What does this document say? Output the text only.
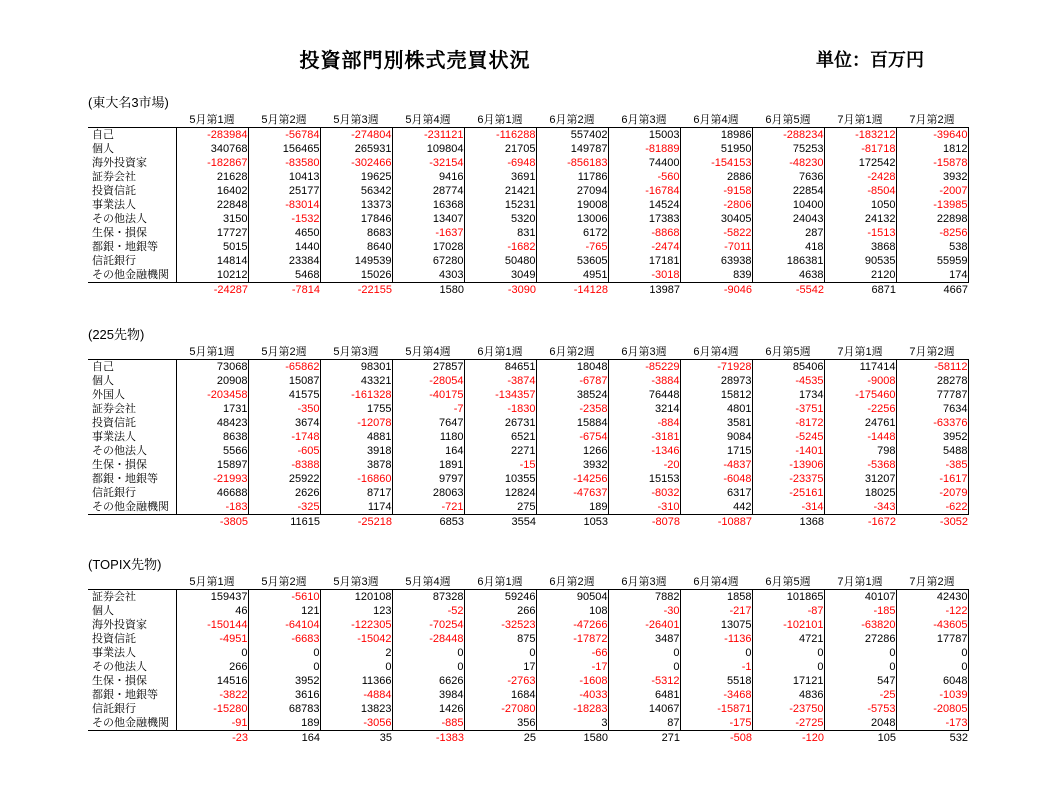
投資部門別株式売買状況	単位：百万円
(東大名3市場)
	5月第1週	5月第2週	5月第3週	5月第4週	6月第1週	6月第2週	6月第3週	6月第4週	6月第5週	7月第1週	7月第2週
自己	-283984	-56784	-274804	-231121	-116288	557402	15003	18986	-288234	-183212	-39640
個人	340768	156465	265931	109804	21705	149787	-81889	51950	75253	-81718	1812
海外投資家	-182867	-83580	-302466	-32154	-6948	-856183	74400	-154153	-48230	172542	-15878
証券会社	21628	10413	19625	9416	3691	11786	-560	2886	7636	-2428	3932
投資信託	16402	25177	56342	28774	21421	27094	-16784	-9158	22854	-8504	-2007
事業法人	22848	-83014	13373	16368	15231	19008	14524	-2806	10400	1050	-13985
その他法人	3150	-1532	17846	13407	5320	13006	17383	30405	24043	24132	22898
生保・損保	17727	4650	8683	-1637	831	6172	-8868	-5822	287	-1513	-8256
都銀・地銀等	5015	1440	8640	17028	-1682	-765	-2474	-7011	418	3868	538
信託銀行	14814	23384	149539	67280	50480	53605	17181	63938	186381	90535	55959
その他金融機関	10212	5468	15026	4303	3049	4951	-3018	839	4638	2120	174
	-24287	-7814	-22155	1580	-3090	-14128	13987	-9046	-5542	6871	4667
(225先物)
	5月第1週	5月第2週	5月第3週	5月第4週	6月第1週	6月第2週	6月第3週	6月第4週	6月第5週	7月第1週	7月第2週
自己	73068	-65862	98301	27857	84651	18048	-85229	-71928	85406	117414	-58112
個人	20908	15087	43321	-28054	-3874	-6787	-3884	28973	-4535	-9008	28278
外国人	-203458	41575	-161328	-40175	-134357	38524	76448	15812	1734	-175460	77787
証券会社	1731	-350	1755	-7	-1830	-2358	3214	4801	-3751	-2256	7634
投資信託	48423	3674	-12078	7647	26731	15884	-884	3581	-8172	24761	-63376
事業法人	8638	-1748	4881	1180	6521	-6754	-3181	9084	-5245	-1448	3952
その他法人	5566	-605	3918	164	2271	1266	-1346	1715	-1401	798	5488
生保・損保	15897	-8388	3878	1891	-15	3932	-20	-4837	-13906	-5368	-385
都銀・地銀等	-21993	25922	-16860	9797	10355	-14256	15153	-6048	-23375	31207	-1617
信託銀行	46688	2626	8717	28063	12824	-47637	-8032	6317	-25161	18025	-2079
その他金融機関	-183	-325	1174	-721	275	189	-310	442	-314	-343	-622
	-3805	11615	-25218	6853	3554	1053	-8078	-10887	1368	-1672	-3052
(TOPIX先物)
	5月第1週	5月第2週	5月第3週	5月第4週	6月第1週	6月第2週	6月第3週	6月第4週	6月第5週	7月第1週	7月第2週
証券会社	159437	-5610	120108	87328	59246	90504	7882	1858	101865	40107	42430
個人	46	121	123	-52	266	108	-30	-217	-87	-185	-122
海外投資家	-150144	-64104	-122305	-70254	-32523	-47266	-26401	13075	-102101	-63820	-43605
投資信託	-4951	-6683	-15042	-28448	875	-17872	3487	-1136	4721	27286	17787
事業法人	0	0	2	0	0	-66	0	0	0	0	0
その他法人	266	0	0	0	17	-17	0	-1	0	0	0
生保・損保	14516	3952	11366	6626	-2763	-1608	-5312	5518	17121	547	6048
都銀・地銀等	-3822	3616	-4884	3984	1684	-4033	6481	-3468	4836	-25	-1039
信託銀行	-15280	68783	13823	1426	-27080	-18283	14067	-15871	-23750	-5753	-20805
その他金融機関	-91	189	-3056	-885	356	3	87	-175	-2725	2048	-173
	-23	164	35	-1383	25	1580	271	-508	-120	105	532
